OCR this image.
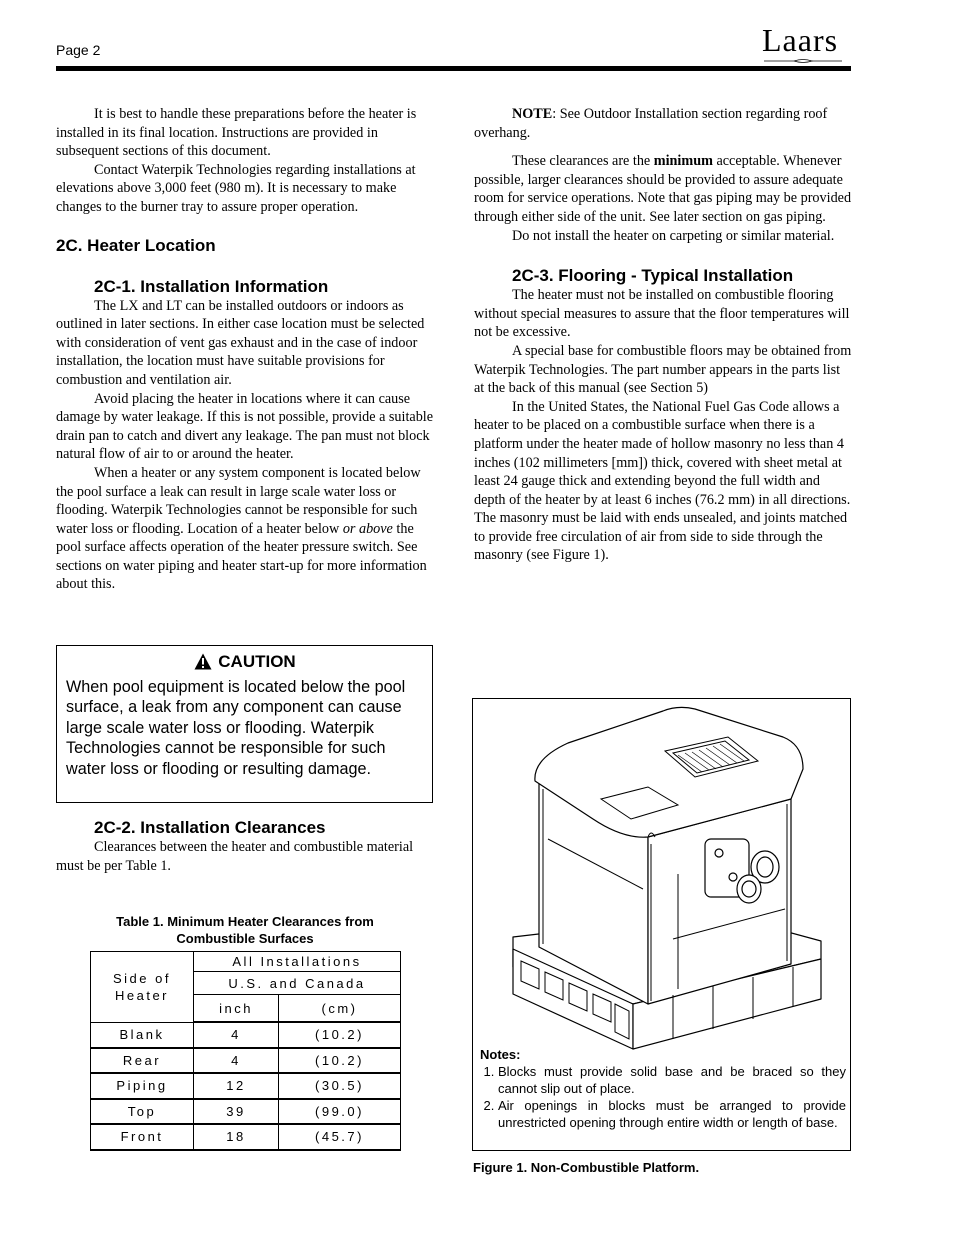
Page 2	Laars

It is best to handle these preparations before the heater is installed in its final location. Instructions are provided in subsequent sections of this document.

Contact Waterpik Technologies regarding installations at elevations above 3,000 feet (980 m). It is necessary to make changes to the burner tray to assure proper operation.

2C. Heater Location
2C-1. Installation Information

The LX and LT can be installed outdoors or indoors as outlined in later sections. In either case location must be selected with consideration of vent gas exhaust and in the case of indoor installation, the location must have suitable provisions for combustion and ventilation air.

Avoid placing the heater in locations where it can cause damage by water leakage. If this is not possible, provide a suitable drain pan to catch and divert any leakage. The pan must not block natural flow of air to or around the heater.

When a heater or any system component is located below the pool surface a leak can result in large scale water loss or flooding. Waterpik Technologies cannot be responsible for such water loss or flooding. Location of a heater below or above the pool surface affects operation of the heater pressure switch. See sections on water piping and heater start-up for more information about this.

CAUTION
When pool equipment is located below the pool surface, a leak from any component can cause large scale water loss or flooding. Waterpik Technologies cannot be responsible for such water loss or flooding or resulting damage.
2C-2. Installation Clearances

Clearances between the heater and combustible material must be per Table 1.

Table 1. Minimum Heater Clearances from
Combustible Surfaces
Side of Heater	All Installations	
	U.S. and Canada	
	inch	(cm)
Blank	4	(10.2)
Rear	4	(10.2)
Piping	12	(30.5)
Top	39	(99.0)
Front	18	(45.7)

NOTE: See Outdoor Installation section regarding roof overhang.

These clearances are the minimum acceptable. Whenever possible, larger clearances should be provided to assure adequate room for service operations. Note that gas piping may be provided through either side of the unit. See later section on gas piping.

Do not install the heater on carpeting or similar material.

2C-3. Flooring - Typical Installation

The heater must not be installed on combustible flooring without special measures to assure that the floor temperatures will not be excessive.

A special base for combustible floors may be obtained from Waterpik Technologies. The part number appears in the parts list at the back of this manual (see Section 5)

In the United States, the National Fuel Gas Code allows a heater to be placed on a combustible surface when there is a platform under the heater made of hollow masonry no less than 4 inches (102 millimeters [mm]) thick, covered with sheet metal at least 24 gauge thick and extending beyond the full width and depth of the heater by at least 6 inches (76.2 mm) in all directions. The masonry must be laid with ends unsealed, and joints matched to provide free circulation of air from side to side through the masonry (see Figure 1).

Notes:
1. Blocks must provide solid base and be braced so they cannot slip out of place.
2. Air openings in blocks must be arranged to provide unrestricted opening through entire width or length of base.
Figure 1. Non-Combustible Platform.
